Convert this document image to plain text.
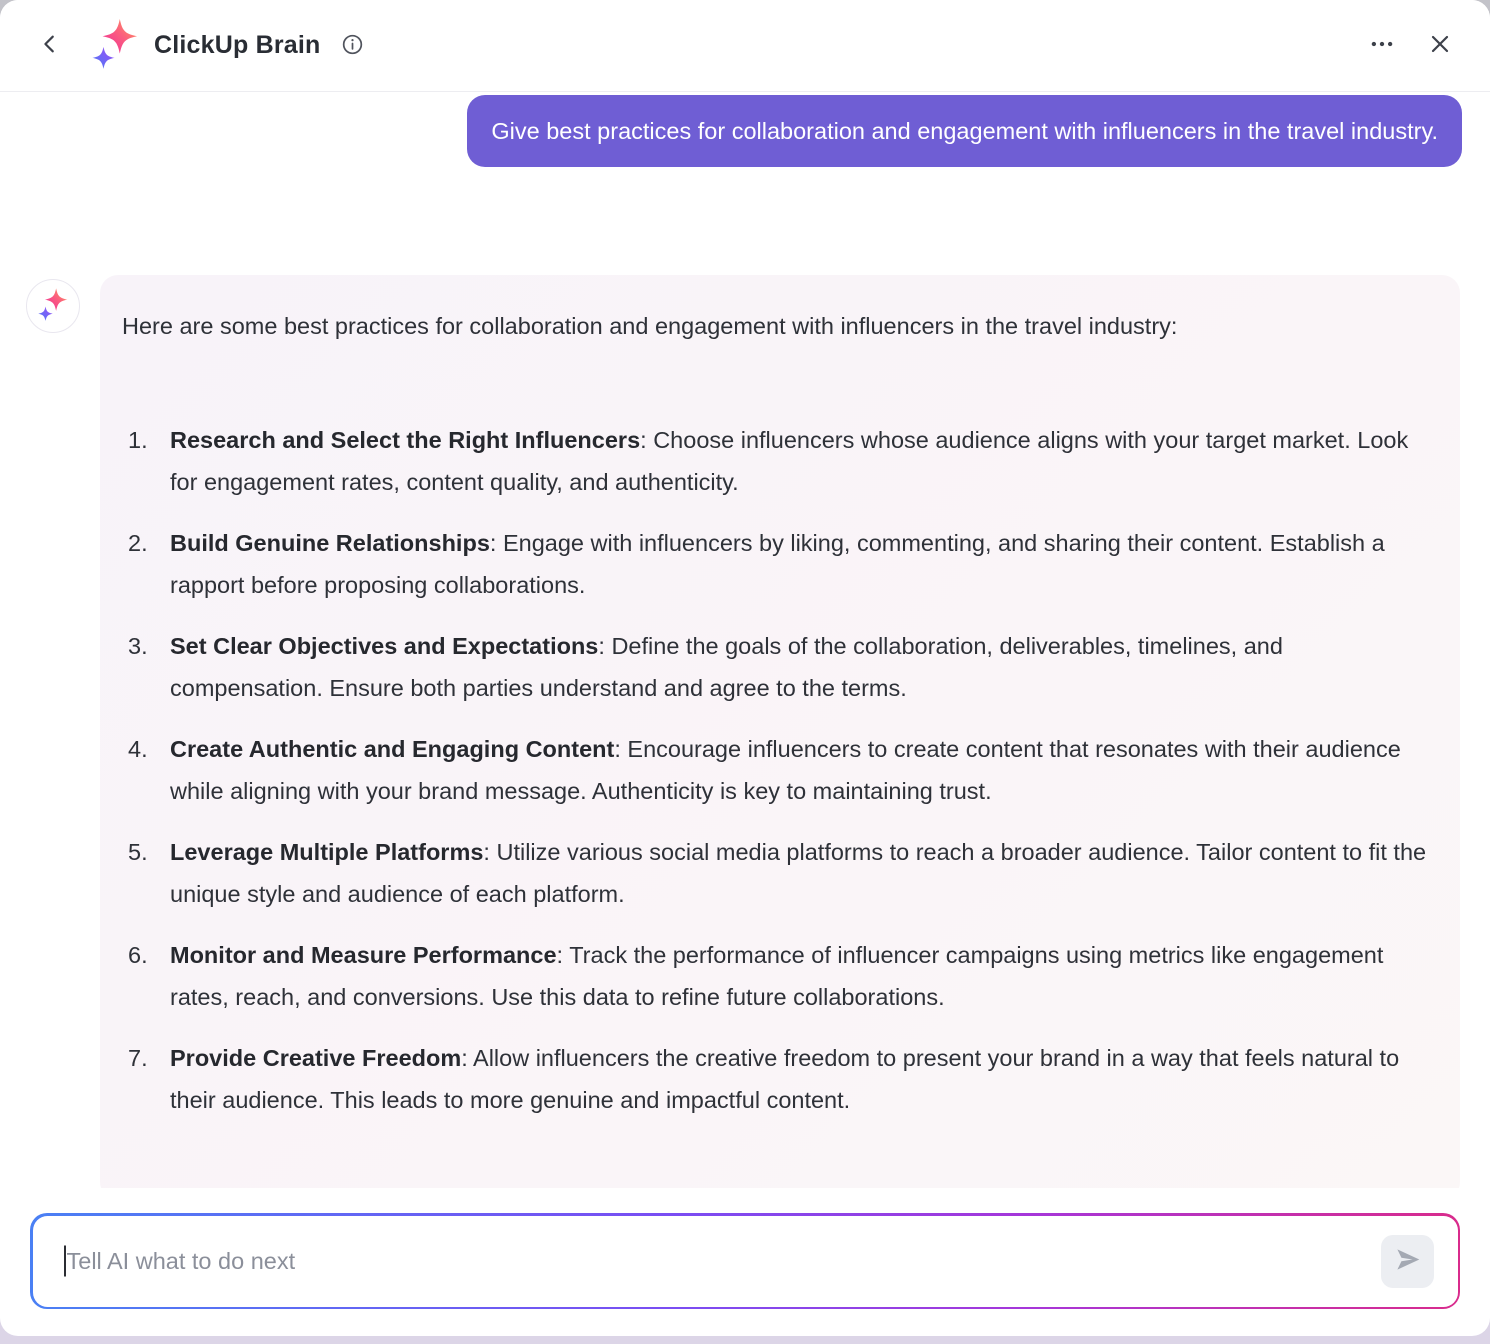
ClickUp Brain
Give best practices for collaboration and engagement with influencers in the travel industry.
Here are some best practices for collaboration and engagement with influencers in the travel industry:
1. Research and Select the Right Influencers: Choose influencers whose audience aligns with your target market. Look for engagement rates, content quality, and authenticity.
2. Build Genuine Relationships: Engage with influencers by liking, commenting, and sharing their content. Establish a rapport before proposing collaborations.
3. Set Clear Objectives and Expectations: Define the goals of the collaboration, deliverables, timelines, and compensation. Ensure both parties understand and agree to the terms.
4. Create Authentic and Engaging Content: Encourage influencers to create content that resonates with their audience while aligning with your brand message. Authenticity is key to maintaining trust.
5. Leverage Multiple Platforms: Utilize various social media platforms to reach a broader audience. Tailor content to fit the unique style and audience of each platform.
6. Monitor and Measure Performance: Track the performance of influencer campaigns using metrics like engagement rates, reach, and conversions. Use this data to refine future collaborations.
7. Provide Creative Freedom: Allow influencers the creative freedom to present your brand in a way that feels natural to their audience. This leads to more genuine and impactful content.
Tell AI what to do next
